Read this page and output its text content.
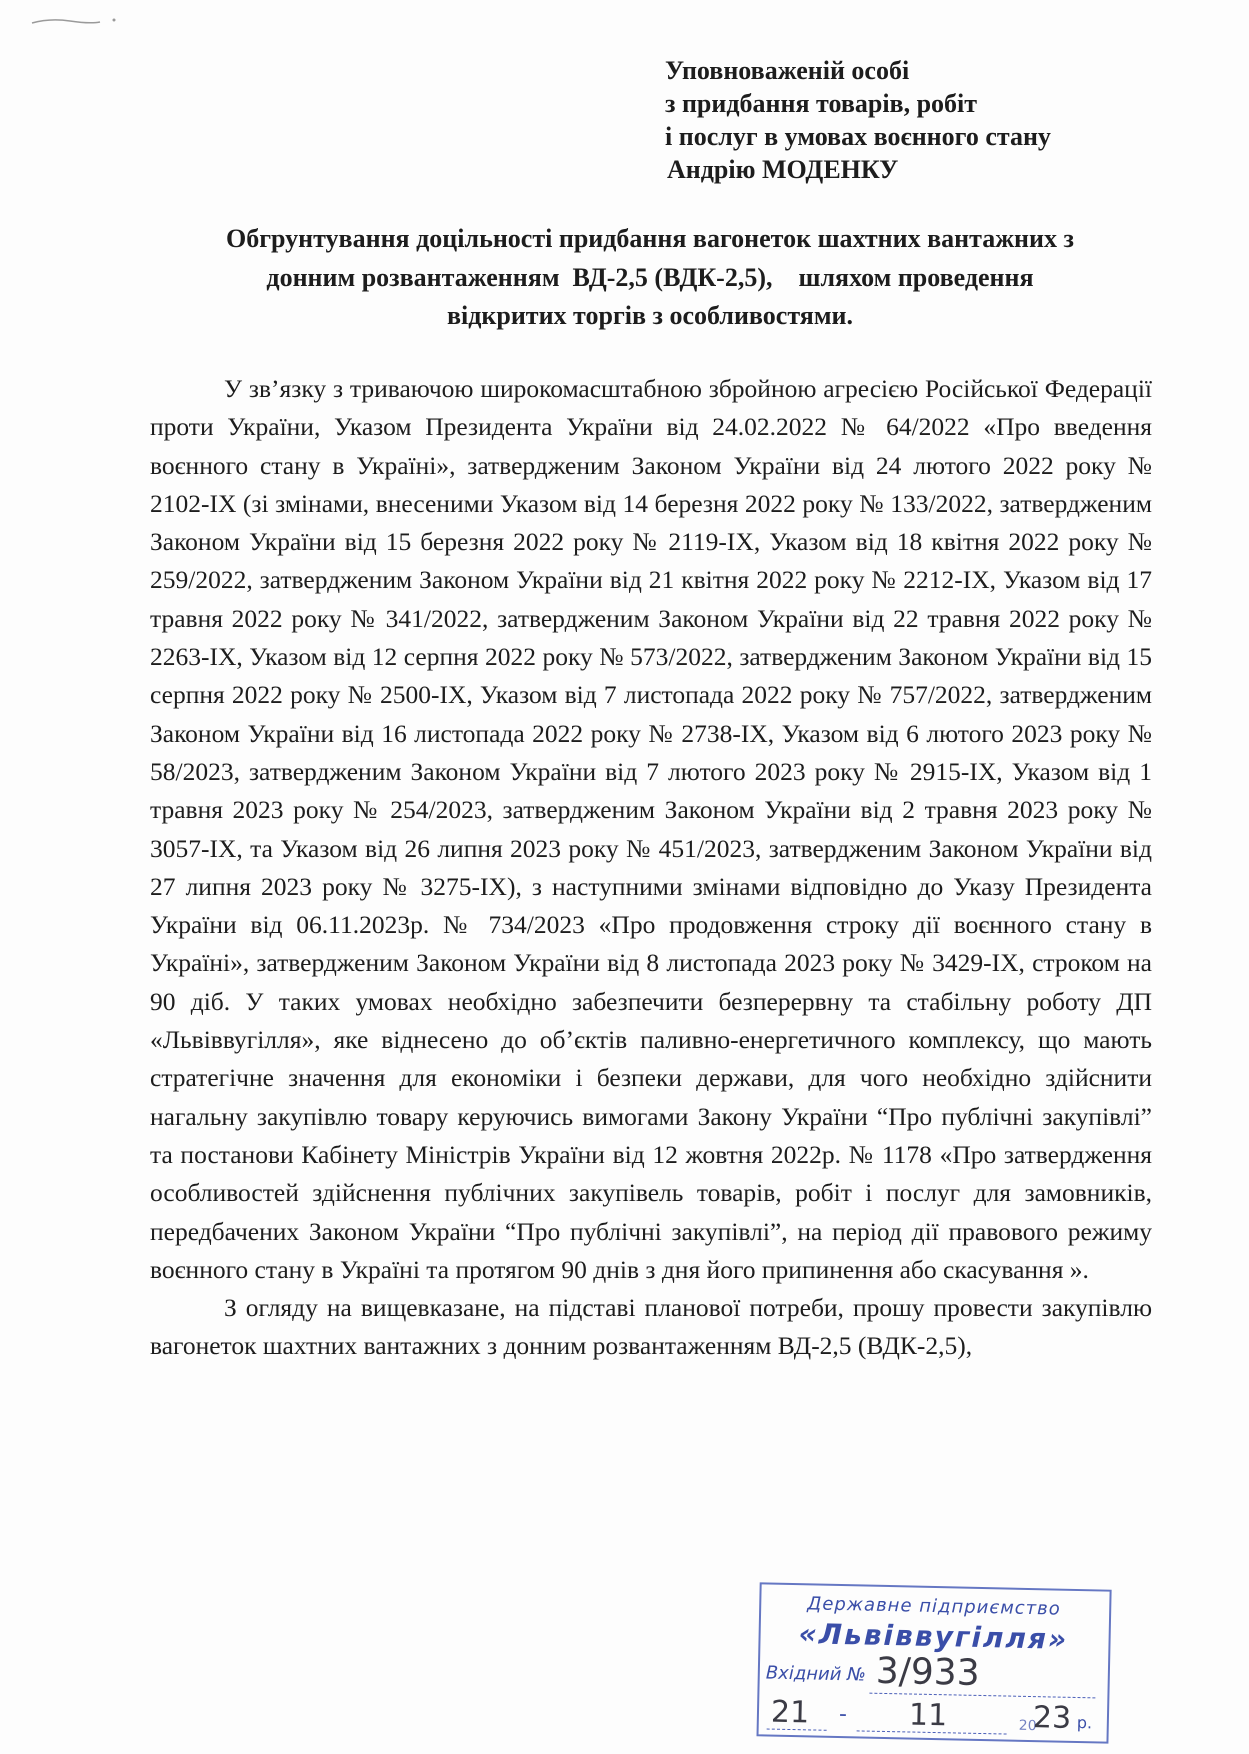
Уповноваженій особі
з придбання товарів, робіт
і послуг в умовах воєнного стану
Андрію МОДЕНКУ
Обгрунтування доцільності придбання вагонеток шахтних вантажних з
донним розвантаженням  ВД-2,5 (ВДК-2,5),    шляхом проведення
відкритих торгів з особливостями.

У зв’язку з триваючою широкомасштабною збройною агресією Російської Федерації проти України, Указом Президента України від 24.02.2022 № 64/2022 «Про введення воєнного стану в Україні», затвердженим Законом України від 24 лютого 2022 року № 2102-IX (зі змінами, внесеними Указом від 14 березня 2022 року № 133/2022, затвердженим Законом України від 15 березня 2022 року № 2119-IX, Указом від 18 квітня 2022 року № 259/2022, затвердженим Законом України від 21 квітня 2022 року № 2212-IX, Указом від 17 травня 2022 року № 341/2022, затвердженим Законом України від 22 травня 2022 року № 2263-IX, Указом від 12 серпня 2022 року № 573/2022, затвердженим Законом України від 15 серпня 2022 року № 2500-IX, Указом від 7 листопада 2022 року № 757/2022, затвердженим Законом України від 16 листопада 2022 року № 2738-IX, Указом від 6 лютого 2023 року № 58/2023, затвердженим Законом України від 7 лютого 2023 року № 2915-IX, Указом від 1 травня 2023 року № 254/2023, затвердженим Законом України від 2 травня 2023 року № 3057-IX, та Указом від 26 липня 2023 року № 451/2023, затвердженим Законом України від 27 липня 2023 року № 3275-IX), з наступними змінами відповідно до Указу Президента України від 06.11.2023р. № 734/2023 «Про продовження строку дії воєнного стану в Україні», затвердженим Законом України від 8 листопада 2023 року № 3429-IX, строком на 90 діб. У таких умовах необхідно забезпечити безперервну та стабільну роботу ДП «Львіввугілля», яке віднесено до об’єктів паливно-енергетичного комплексу, що мають стратегічне значення для економіки і безпеки держави, для чого необхідно здійснити нагальну закупівлю товару керуючись вимогами Закону України “Про публічні закупівлі” та постанови Кабінету Міністрів України від 12 жовтня 2022р. № 1178 «Про затвердження особливостей здійснення публічних закупівель товарів, робіт і послуг для замовників, передбачених Законом України “Про публічні закупівлі”, на період дії правового режиму воєнного стану в Україні та протягом 90 днів з дня його припинення або скасування ».

З огляду на вищевказане, на підставі планової потреби, прошу провести закупівлю вагонеток шахтних вантажних з донним розвантаженням ВД-2,5 (ВДК-2,5),

Державне підприємство
«Львіввугілля»
Вхідний № 3/933
21 - 11	20
23 р.
